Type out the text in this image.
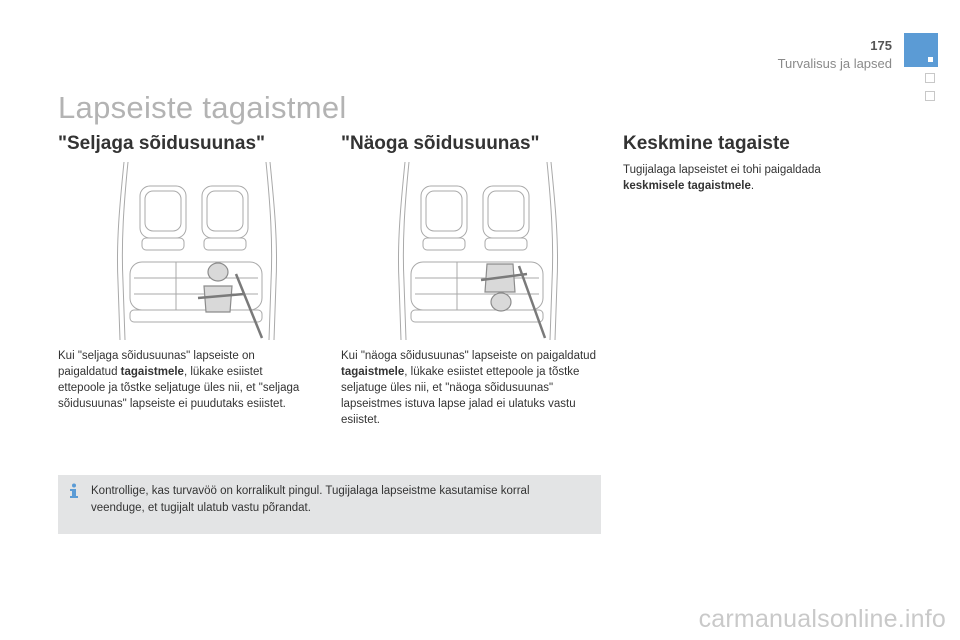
175
Turvalisus ja lapsed
Lapseiste tagaistmel
"Seljaga sõidusuunas"

Kui "seljaga sõidusuunas" lapseiste on paigaldatud tagaistmele, lükake esiistet ettepoole ja tõstke seljatuge üles nii, et "seljaga sõidusuunas" lapseiste ei puudutaks esiistet.

"Näoga sõidusuunas"

Kui "näoga sõidusuunas" lapseiste on paigaldatud tagaistmele, lükake esiistet ettepoole ja tõstke seljatuge üles nii, et "näoga sõidusuunas" lapseistmes istuva lapse jalad ei ulatuks vastu esiistet.

Keskmine tagaiste

Tugijalaga lapseistet ei tohi paigaldada keskmisele tagaistmele.

Kontrollige, kas turvavöö on korralikult pingul. Tugijalaga lapseistme kasutamise korral veenduge, et tugijalt ulatub vastu põrandat.

carmanualsonline.info
